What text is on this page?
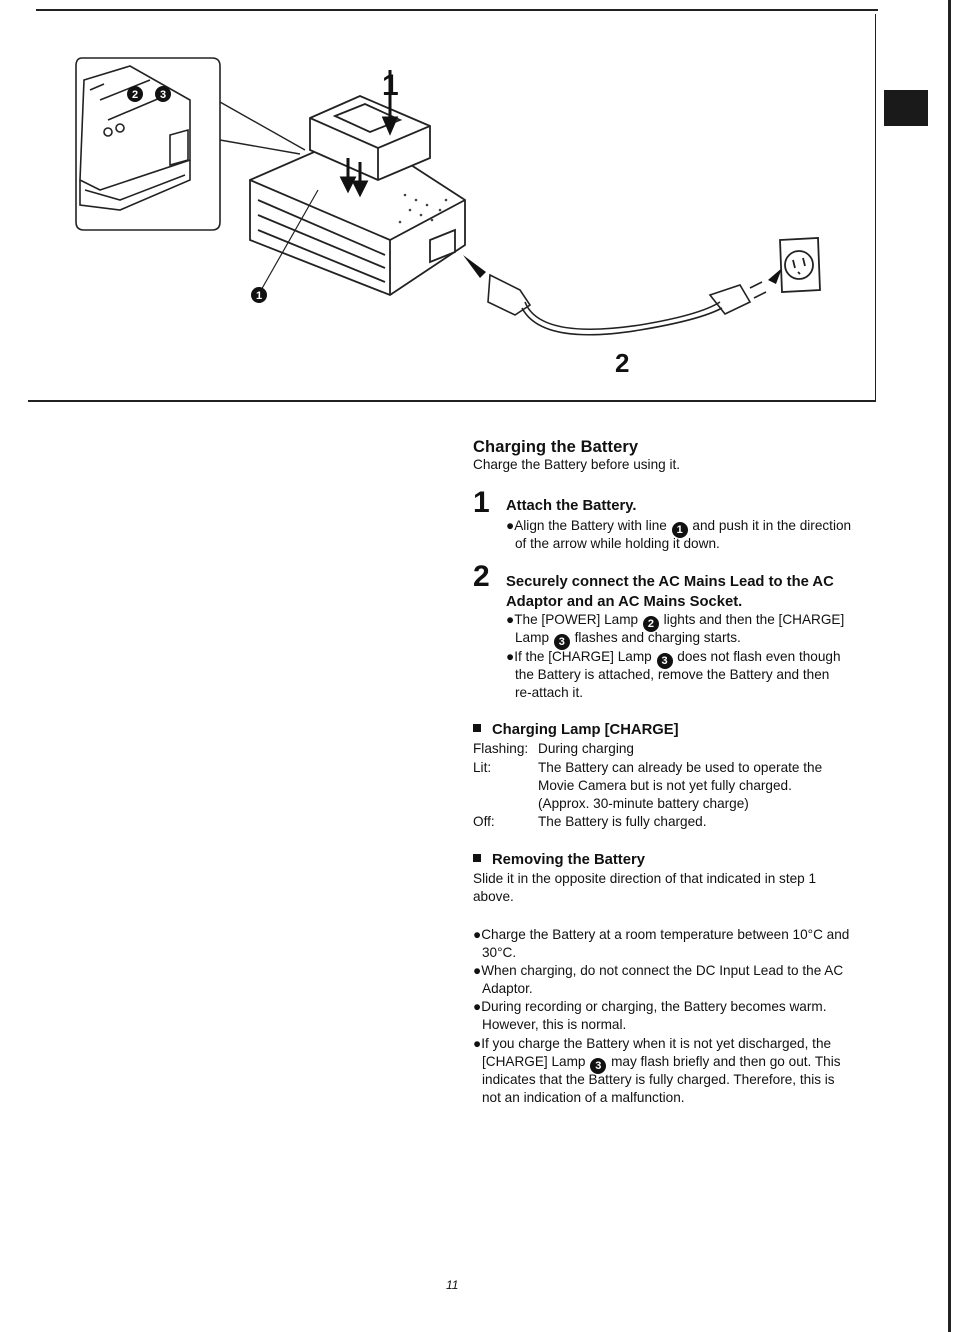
1
1
2 3
2
Charging the Battery
Charge the Battery before using it.
1 Attach the Battery.
●Align the Battery with line 1 and push it in the direction
of the arrow while holding it down.
2 Securely connect the AC Mains Lead to the AC
Adaptor and an AC Mains Socket.
●The [POWER] Lamp 2 lights and then the [CHARGE]
Lamp 3 flashes and charging starts.
●If the [CHARGE] Lamp 3 does not flash even though
the Battery is attached, remove the Battery and then
re-attach it.
Charging Lamp [CHARGE]
Flashing: During charging
Lit:	The Battery can already be used to operate the
Movie Camera but is not yet fully charged.
(Approx. 30-minute battery charge)
Off:	The Battery is fully charged.
Removing the Battery
Slide it in the opposite direction of that indicated in step 1
above.
●Charge the Battery at a room temperature between 10°C and
30°C.
●When charging, do not connect the DC Input Lead to the AC
Adaptor.
●During recording or charging, the Battery becomes warm.
However, this is normal.
●If you charge the Battery when it is not yet discharged, the
[CHARGE] Lamp 3 may flash briefly and then go out. This
indicates that the Battery is fully charged. Therefore, this is
not an indication of a malfunction.
11
